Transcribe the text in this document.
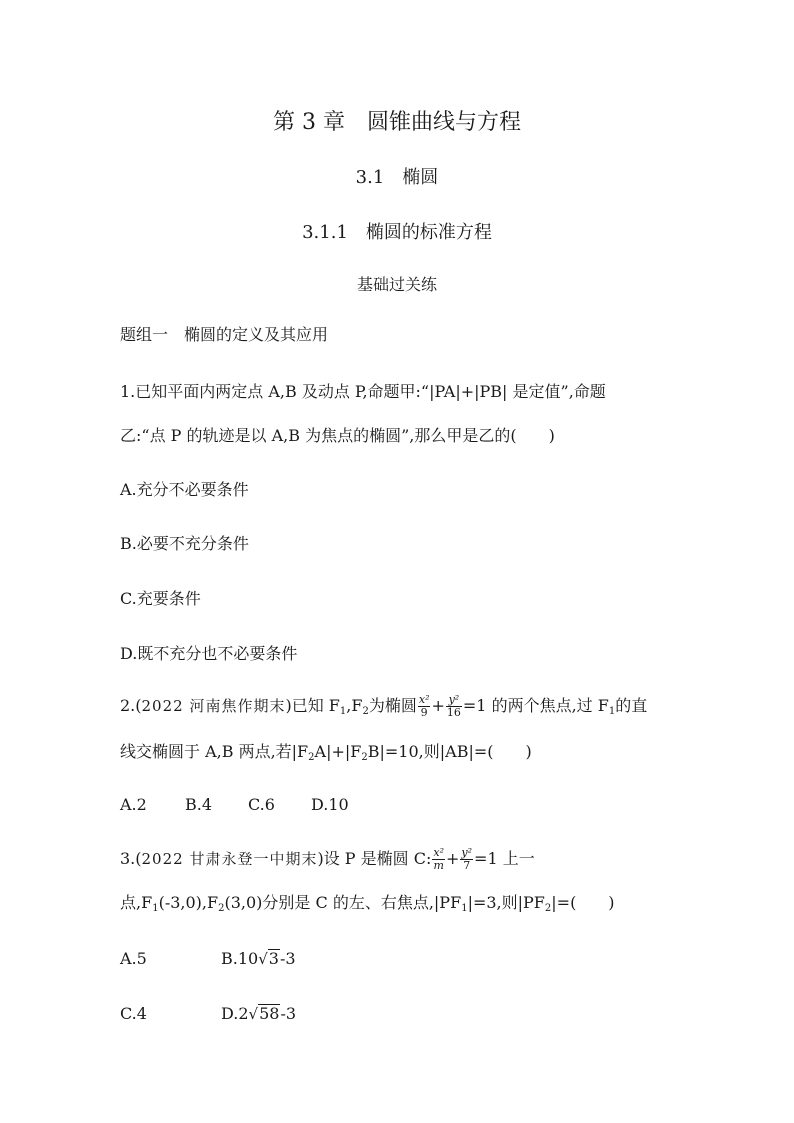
第 3 章　圆锥曲线与方程
3.1　椭圆
3.1.1　椭圆的标准方程
基础过关练
题组一　椭圆的定义及其应用
1.已知平面内两定点 A,B 及动点 P,命题甲:“|PA|+|PB| 是定值”,命题
乙:“点 P 的轨迹是以 A,B 为焦点的椭圆”,那么甲是乙的(　　)
A.充分不必要条件
B.必要不充分条件
C.充要条件
D.既不充分也不必要条件
2.(2022 河南焦作期末)已知 $F_1,F_2$为椭圆 $\frac{\text{x²}}{9} + \frac{\text{y²}}{16} =1$ 的两个焦点,过 $F_1$的直
线交椭圆于 A,B 两点,若$|F_2A|+|F_2B|=10$,则|AB|=(　　)
A.2 B.4 C.6 D.10
3.(2022 甘肃永登一中期末)设 P 是椭圆 C: $\frac{\text{x²}}{m} + \frac{\text{y²}}{7} =1$ 上一
点$,F_1(-3,0),F_2(3,0)$分别是 C 的左、右焦点$,|PF_1|=3$,则$|PF_2|=$(　　)
A.5	B.10√3-3
C.4	D.2√58-3
